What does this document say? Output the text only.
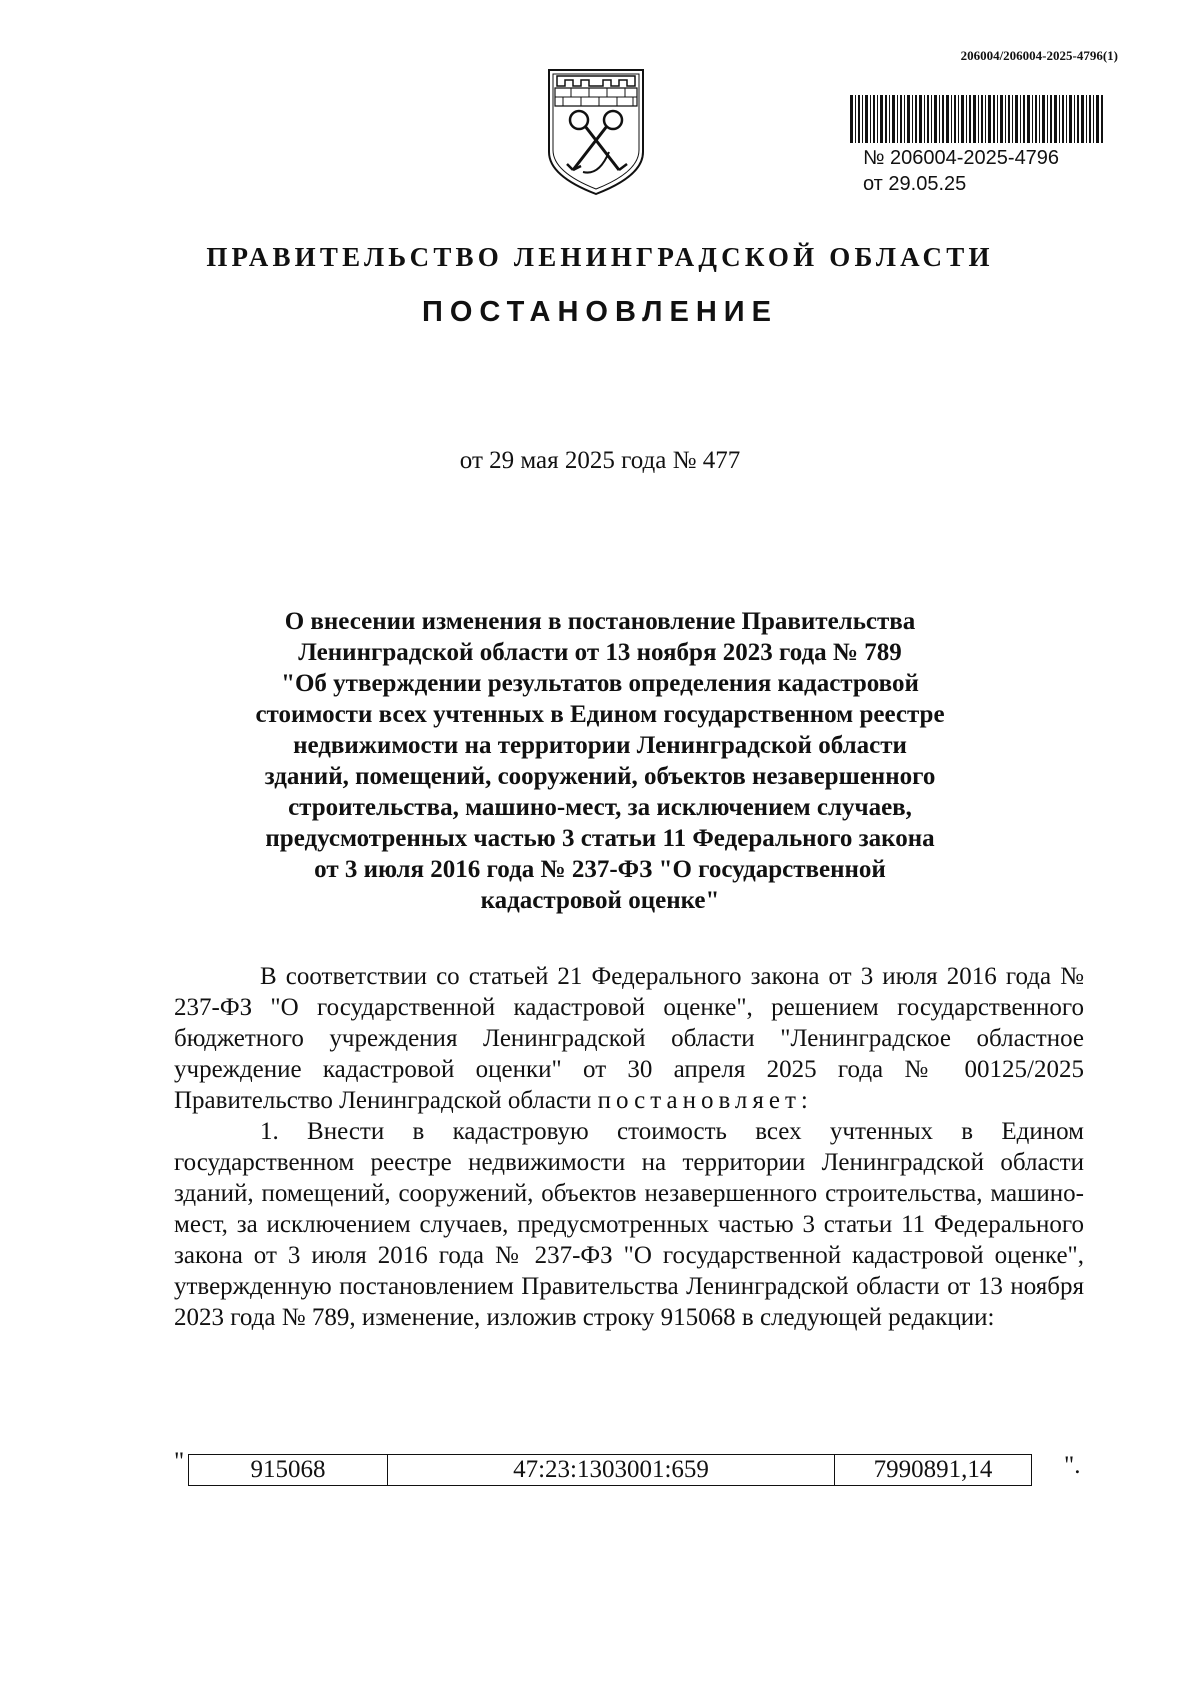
206004/206004-2025-4796(1)
№ 206004-2025-4796
от 29.05.25
ПРАВИТЕЛЬСТВО ЛЕНИНГРАДСКОЙ ОБЛАСТИ
ПОСТАНОВЛЕНИЕ
от 29 мая 2025 года № 477
О внесении изменения в постановление Правительства
Ленинградской области от 13 ноября 2023 года № 789
"Об утверждении результатов определения кадастровой
стоимости всех учтенных в Едином государственном реестре
недвижимости на территории Ленинградской области
зданий, помещений, сооружений, объектов незавершенного
строительства, машино-мест, за исключением случаев,
предусмотренных частью 3 статьи 11 Федерального закона
от 3 июля 2016 года № 237-ФЗ "О государственной
кадастровой оценке"

В соответствии со статьей 21 Федерального закона от 3 июля 2016 года № 237-ФЗ "О государственной кадастровой оценке", решением государственного бюджетного учреждения Ленинградской области "Ленинградское областное учреждение кадастровой оценки" от 30 апреля 2025 года № 00125/2025 Правительство Ленинградской области постановляет:

1. Внести в кадастровую стоимость всех учтенных в Едином государственном реестре недвижимости на территории Ленинградской области зданий, помещений, сооружений, объектов незавершенного строительства, машино-мест, за исключением случаев, предусмотренных частью 3 статьи 11 Федерального закона от 3 июля 2016 года № 237-ФЗ "О государственной кадастровой оценке", утвержденную постановлением Правительства Ленинградской области от 13 ноября 2023 года № 789, изменение, изложив строку 915068 в следующей редакции:

"	915068	47:23:1303001:659	7990891,14	".
